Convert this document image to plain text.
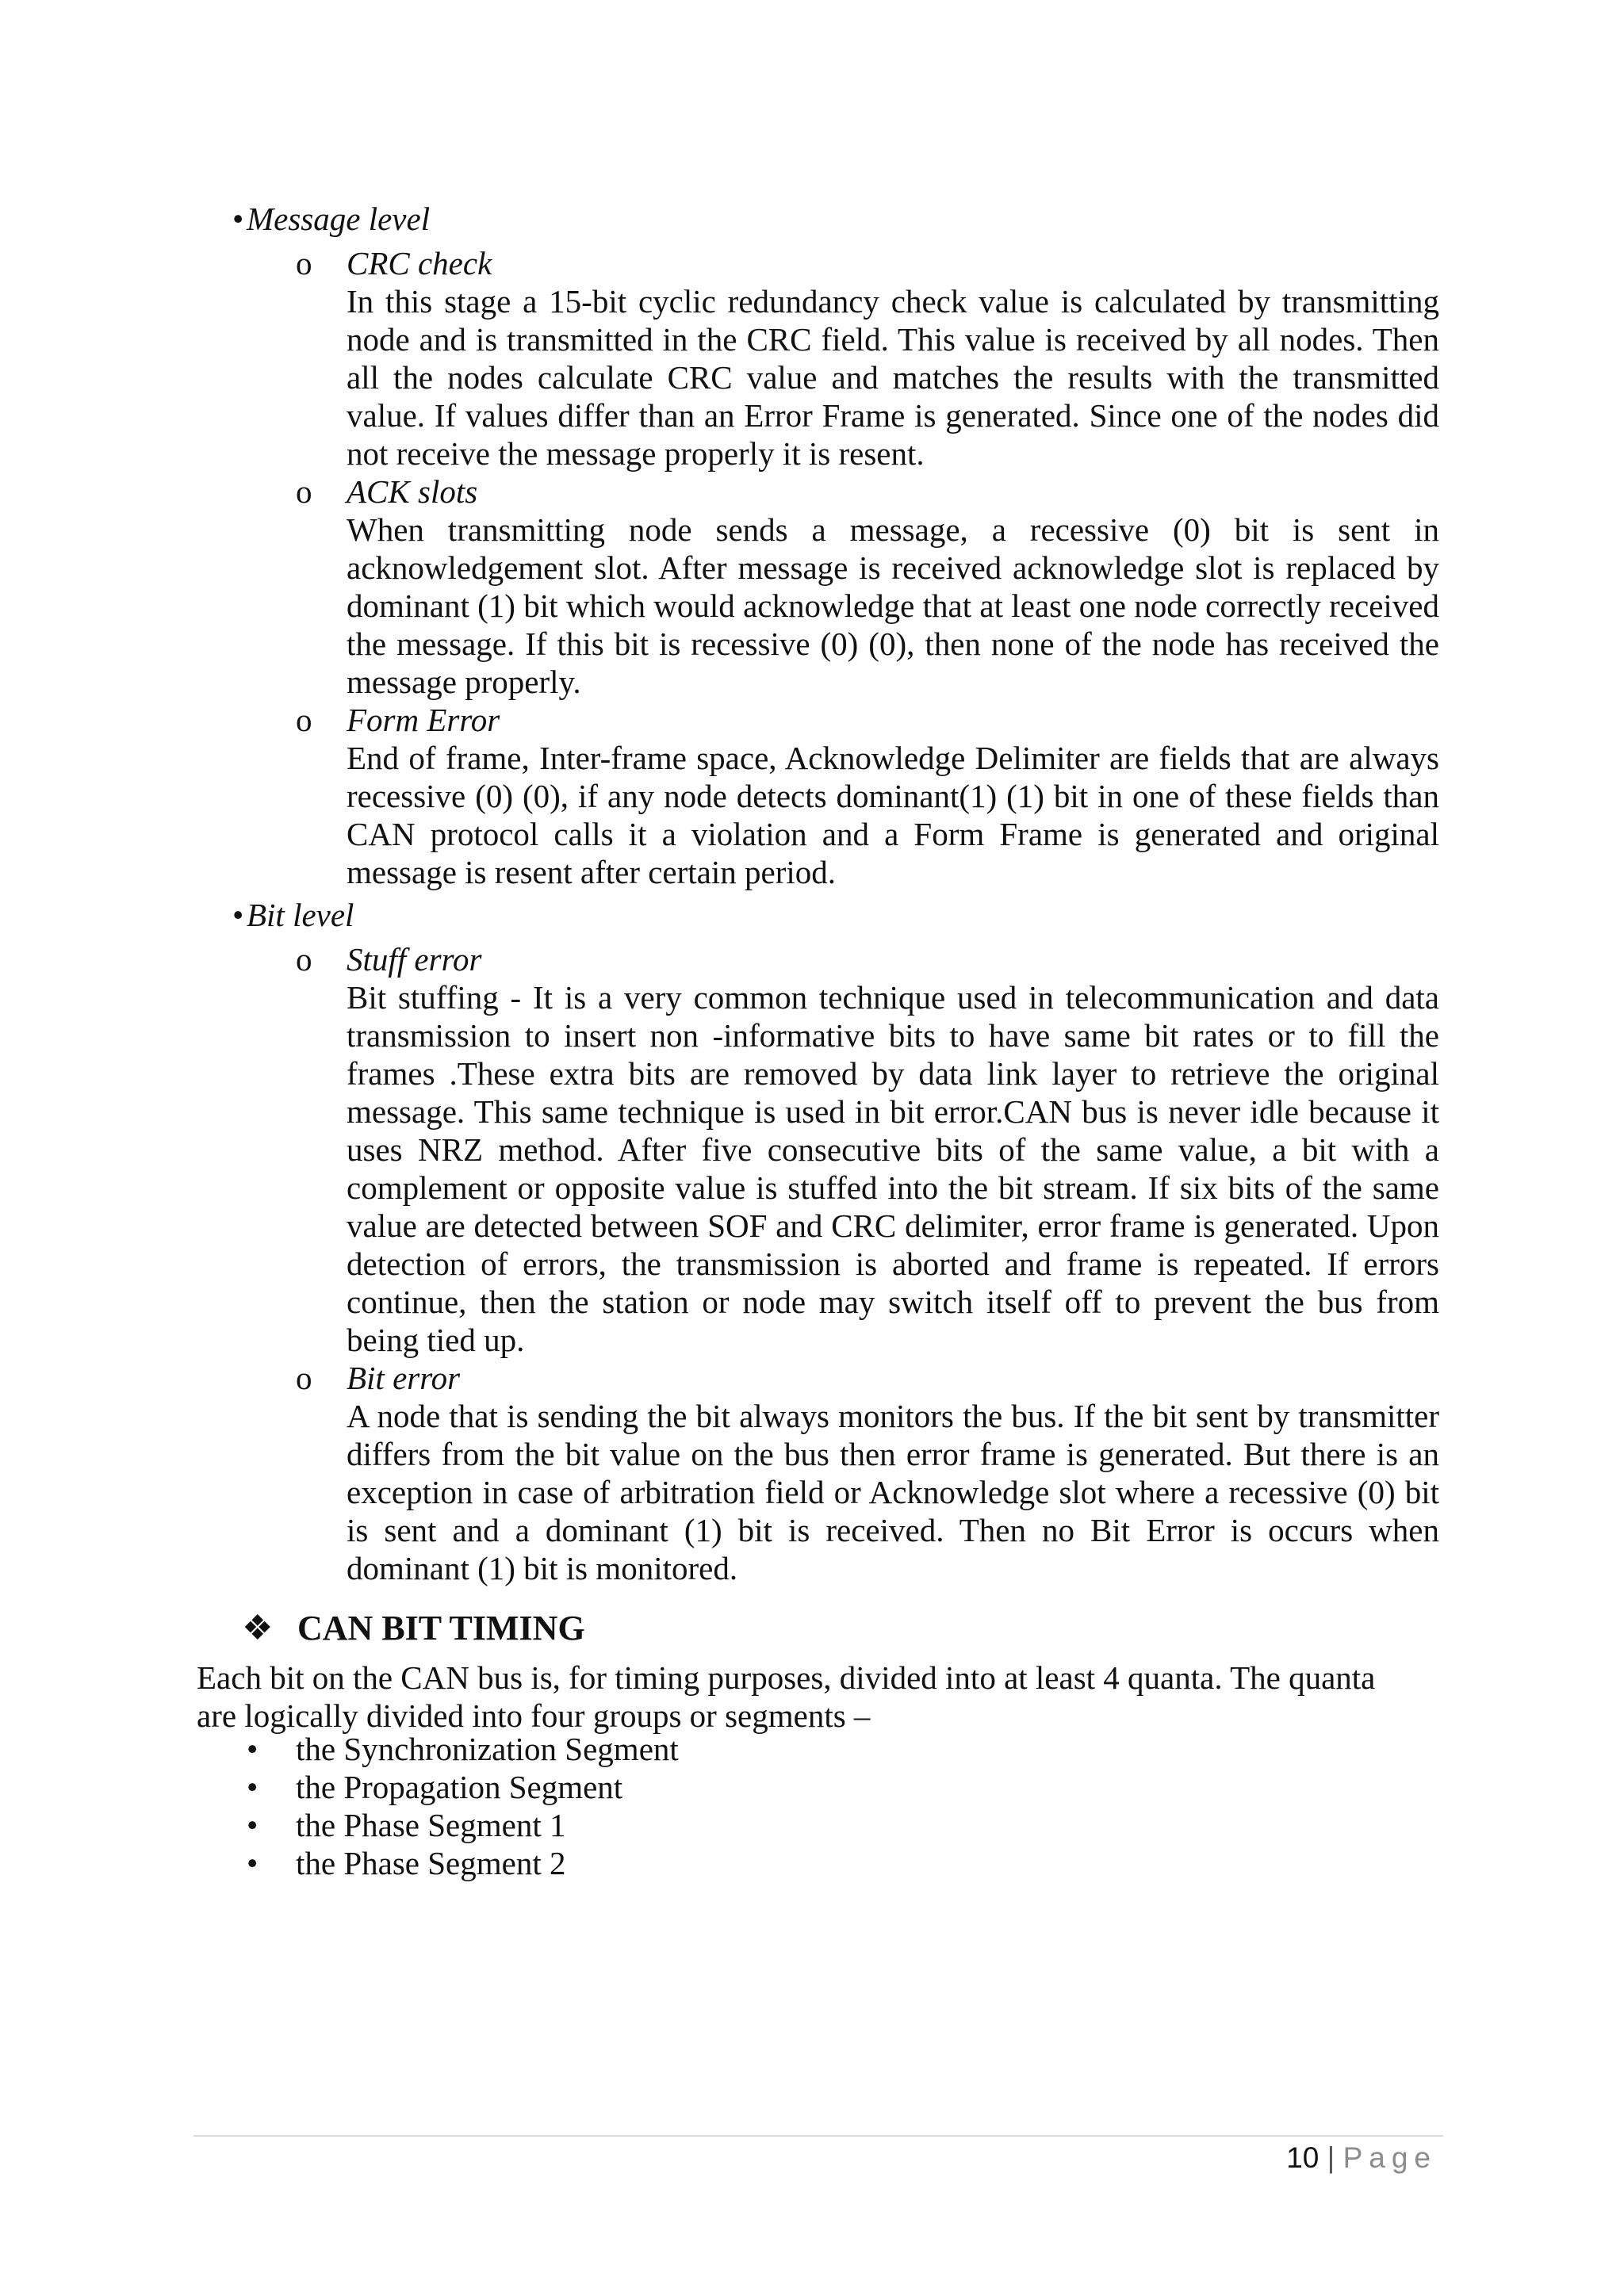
• Message level
o CRC check
In this stage a 15-bit cyclic redundancy check value is calculated by transmitting node and is transmitted in the CRC field. This value is received by all nodes. Then all the nodes calculate CRC value and matches the results with the transmitted value. If values differ than an Error Frame is generated. Since one of the nodes did not receive the message properly it is resent.
o ACK slots
When transmitting node sends a message, a recessive (0) bit is sent in acknowledgement slot. After message is received acknowledge slot is replaced by dominant (1) bit which would acknowledge that at least one node correctly received the message. If this bit is recessive (0) (0), then none of the node has received the message properly.
o Form Error
End of frame, Inter-frame space, Acknowledge Delimiter are fields that are always recessive (0) (0), if any node detects dominant(1) (1) bit in one of these fields than CAN protocol calls it a violation and a Form Frame is generated and original message is resent after certain period.
• Bit level
o Stuff error
Bit stuffing - It is a very common technique used in telecommunication and data transmission to insert non -informative bits to have same bit rates or to fill the frames .These extra bits are removed by data link layer to retrieve the original message. This same technique is used in bit error.CAN bus is never idle because it uses NRZ method. After five consecutive bits of the same value, a bit with a complement or opposite value is stuffed into the bit stream. If six bits of the same value are detected between SOF and CRC delimiter, error frame is generated. Upon detection of errors, the transmission is aborted and frame is repeated. If errors continue, then the station or node may switch itself off to prevent the bus from being tied up.
o Bit error
A node that is sending the bit always monitors the bus. If the bit sent by transmitter differs from the bit value on the bus then error frame is generated. But there is an exception in case of arbitration field or Acknowledge slot where a recessive (0) bit is sent and a dominant (1) bit is received. Then no Bit Error is occurs when dominant (1) bit is monitored.
❖ CAN BIT TIMING
Each bit on the CAN bus is, for timing purposes, divided into at least 4 quanta. The quanta are logically divided into four groups or segments –
• the Synchronization Segment
• the Propagation Segment
• the Phase Segment 1
• the Phase Segment 2
10 | Page
